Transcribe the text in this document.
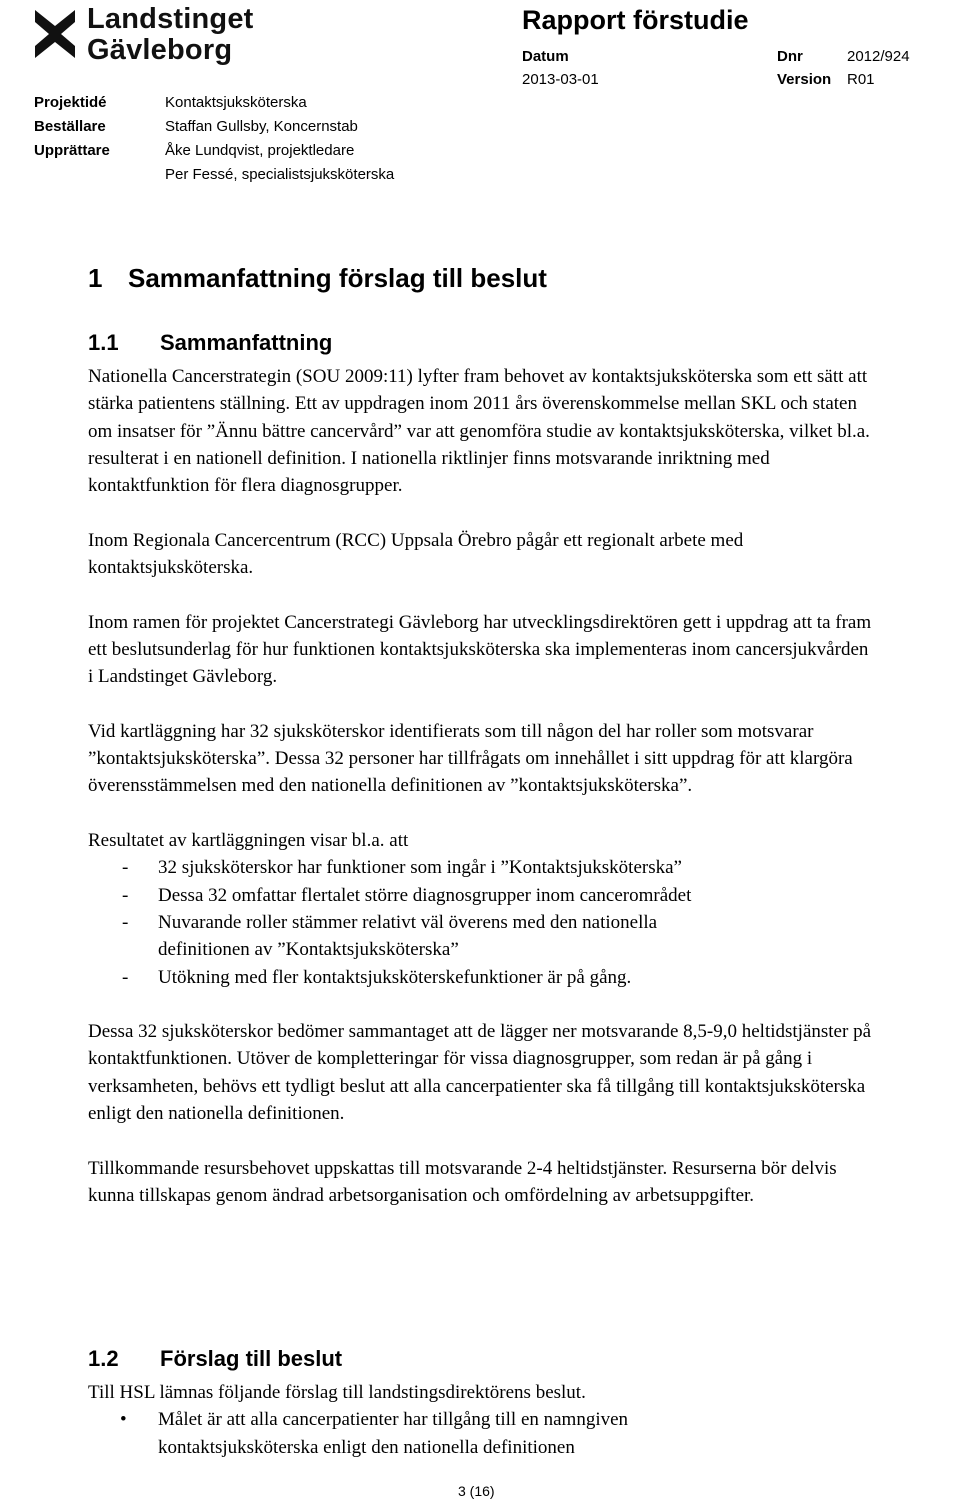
Landstinget
Gävleborg
Rapport förstudie
Datum
2013-03-01
Dnr	2012/924
Version R01
Projektidé	Kontaktsjuksköterska
Beställare	Staffan Gullsby, Koncernstab
Upprättare	Åke Lundqvist, projektledare
Per Fessé, specialistsjuksköterska
1 Sammanfattning förslag till beslut
1.1 Sammanfattning

Nationella Cancerstrategin (SOU 2009:11) lyfter fram behovet av kontaktsjuksköterska som ett sätt att stärka patientens ställning. Ett av uppdragen inom 2011 års överenskommelse mellan SKL och staten om insatser för ”Ännu bättre cancervård” var att genomföra studie av kontaktsjuksköterska, vilket bl.a. resulterat i en nationell definition. I nationella riktlinjer finns motsvarande inriktning med kontaktfunktion för flera diagnosgrupper.

Inom Regionala Cancercentrum (RCC) Uppsala Örebro pågår ett regionalt arbete med kontaktsjuksköterska.

Inom ramen för projektet Cancerstrategi Gävleborg har utvecklingsdirektören gett i uppdrag att ta fram ett beslutsunderlag för hur funktionen kontaktsjuksköterska ska implementeras inom cancersjukvården i Landstinget Gävleborg.

Vid kartläggning har 32 sjuksköterskor identifierats som till någon del har roller som motsvarar ”kontaktsjuksköterska”. Dessa 32 personer har tillfrågats om innehållet i sitt uppdrag för att klargöra överensstämmelsen med den nationella definitionen av ”kontaktsjuksköterska”.

Resultatet av kartläggningen visar bl.a. att

- 32 sjuksköterskor har funktioner som ingår i ”Kontaktsjuksköterska”
- Dessa 32 omfattar flertalet större diagnosgrupper inom cancerområdet
- Nuvarande roller stämmer relativt väl överens med den nationella definitionen av ”Kontaktsjuksköterska”
- Utökning med fler kontaktsjuksköterskefunktioner är på gång.

Dessa 32 sjuksköterskor bedömer sammantaget att de lägger ner motsvarande 8,5-9,0 heltidstjänster på kontaktfunktionen. Utöver de kompletteringar för vissa diagnosgrupper, som redan är på gång i verksamheten, behövs ett tydligt beslut att alla cancerpatienter ska få tillgång till kontaktsjuksköterska enligt den nationella definitionen.

Tillkommande resursbehovet uppskattas till motsvarande 2-4 heltidstjänster. Resurserna bör delvis kunna tillskapas genom ändrad arbetsorganisation och omfördelning av arbetsuppgifter.

1.2 Förslag till beslut

Till HSL lämnas följande förslag till landstingsdirektörens beslut.

• Målet är att alla cancerpatienter har tillgång till en namngiven kontaktsjuksköterska enligt den nationella definitionen
3 (16)
